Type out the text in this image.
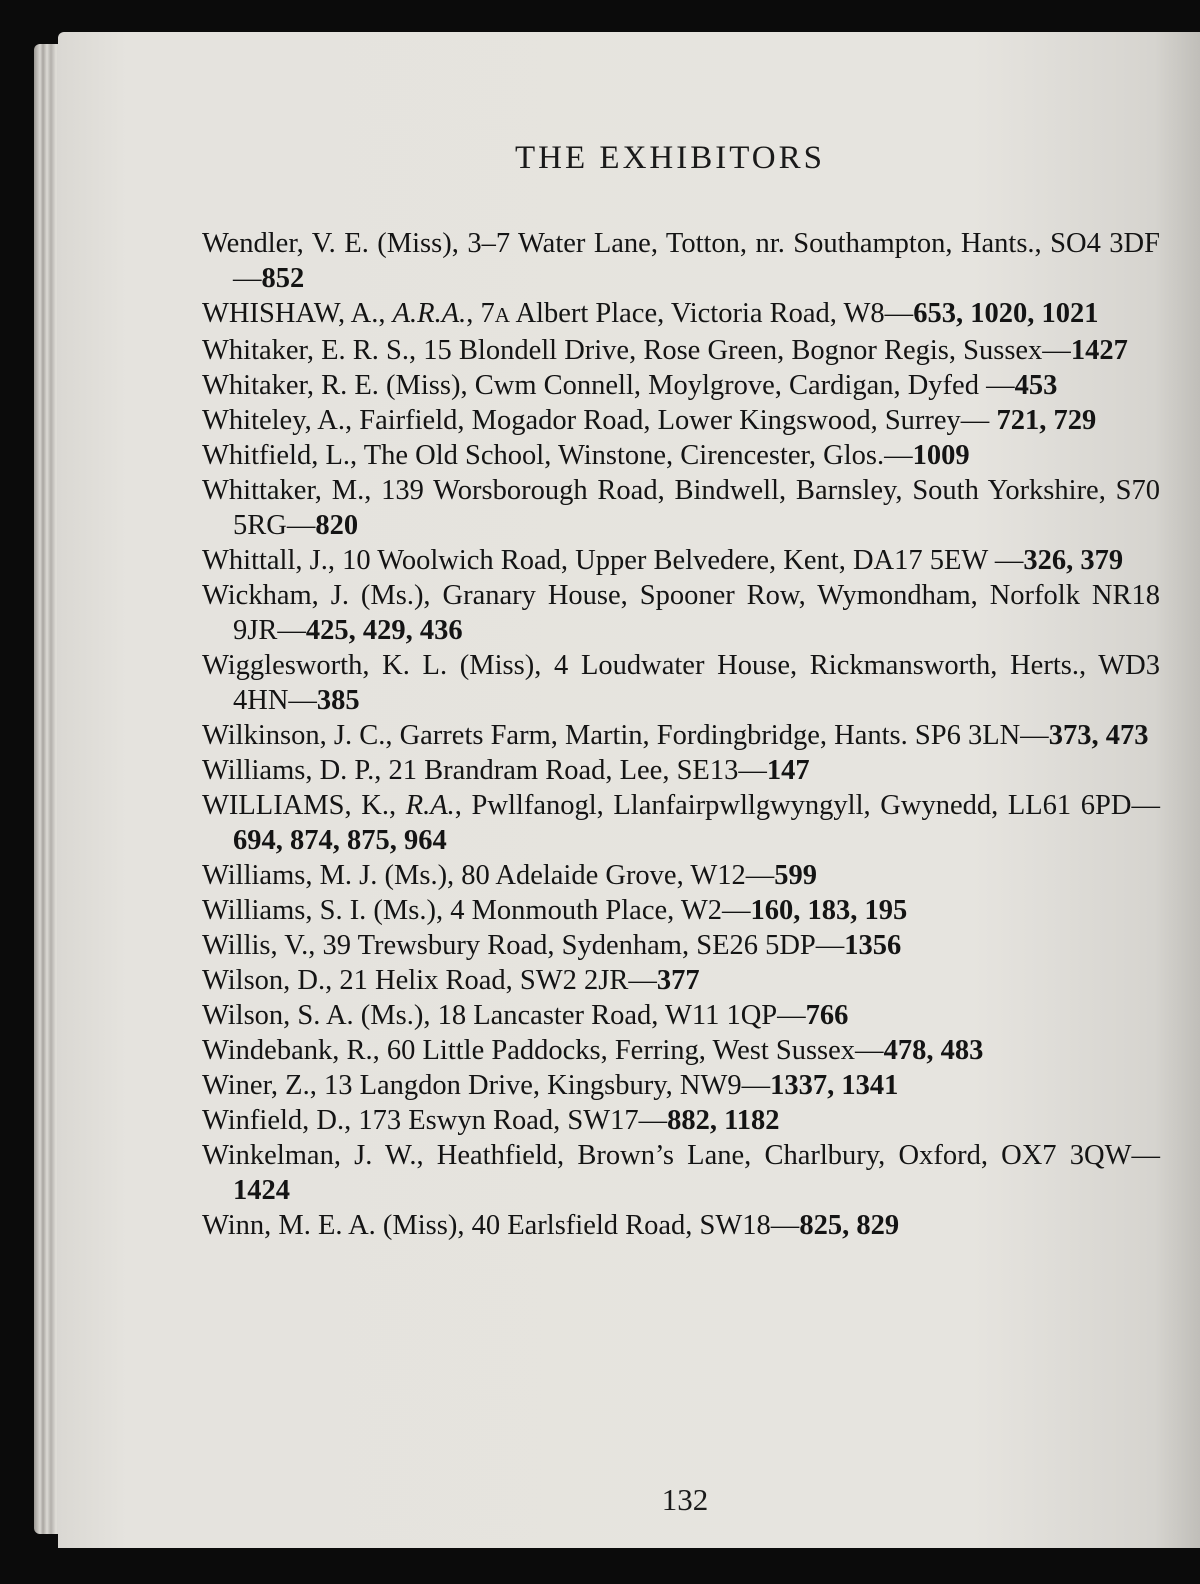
THE EXHIBITORS

Wendler, V. E. (Miss), 3–7 Water Lane, Totton, nr. Southampton, Hants., SO4 3DF—852

WHISHAW, A., A.R.A., 7A Albert Place, Victoria Road, W8—653, 1020, 1021

Whitaker, E. R. S., 15 Blondell Drive, Rose Green, Bognor Regis, Sussex—1427

Whitaker, R. E. (Miss), Cwm Connell, Moylgrove, Cardigan, Dyfed —453

Whiteley, A., Fairfield, Mogador Road, Lower Kingswood, Surrey— 721, 729

Whitfield, L., The Old School, Winstone, Cirencester, Glos.—1009

Whittaker, M., 139 Worsborough Road, Bindwell, Barnsley, South Yorkshire, S70 5RG—820

Whittall, J., 10 Woolwich Road, Upper Belvedere, Kent, DA17 5EW —326, 379

Wickham, J. (Ms.), Granary House, Spooner Row, Wymondham, Norfolk NR18 9JR—425, 429, 436

Wigglesworth, K. L. (Miss), 4 Loudwater House, Rickmansworth, Herts., WD3 4HN—385

Wilkinson, J. C., Garrets Farm, Martin, Fordingbridge, Hants. SP6 3LN—373, 473

Williams, D. P., 21 Brandram Road, Lee, SE13—147

WILLIAMS, K., R.A., Pwllfanogl, Llanfairpwllgwyngyll, Gwynedd, LL61 6PD—694, 874, 875, 964

Williams, M. J. (Ms.), 80 Adelaide Grove, W12—599

Williams, S. I. (Ms.), 4 Monmouth Place, W2—160, 183, 195

Willis, V., 39 Trewsbury Road, Sydenham, SE26 5DP—1356

Wilson, D., 21 Helix Road, SW2 2JR—377

Wilson, S. A. (Ms.), 18 Lancaster Road, W11 1QP—766

Windebank, R., 60 Little Paddocks, Ferring, West Sussex—478, 483

Winer, Z., 13 Langdon Drive, Kingsbury, NW9—1337, 1341

Winfield, D., 173 Eswyn Road, SW17—882, 1182

Winkelman, J. W., Heathfield, Brown’s Lane, Charlbury, Oxford, OX7 3QW—1424

Winn, M. E. A. (Miss), 40 Earlsfield Road, SW18—825, 829

132
